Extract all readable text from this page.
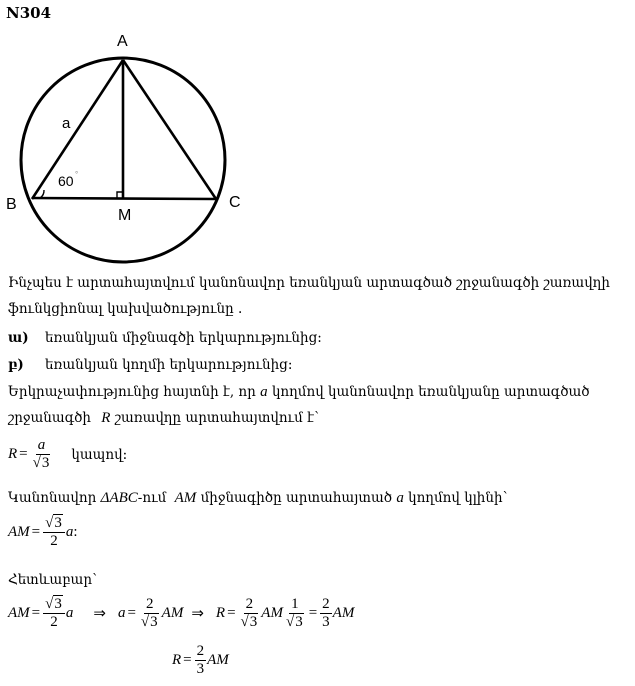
N304
A
B	C
M
a
60 °
Ինչպես է արտահայտվում կանոնավոր եռանկյան արտագծած շրջանագծի շառավղի
ֆունկցիոնալ կախվածությունը .
ա) եռանկյան միջնագծի երկարությունից:
բ) եռանկյան կողմի երկարությունից:
Երկրաչափությունից հայտնի է, որ a կողմով կանոնավոր եռանկյանը արտագծած
շրջանագծի R շառավղը արտահայտվում է`
$R = \frac{a}{√3}$ կապով:
Կանոնավոր ΔABC-ում AM միջնագիծը արտահայտած a կողմով կլինի`
AM = $\frac{√3}{2}$ a :
Հետևաբար`
AM = $\frac{√3}{2}$ a ⇒ $a = \frac{2}{√3}$ AM ⇒ $R = \frac{2}{√3}$ AM $\frac{1}{√3} = \frac{2}{3}$ AM
$R = \frac{2}{3}$ AM
